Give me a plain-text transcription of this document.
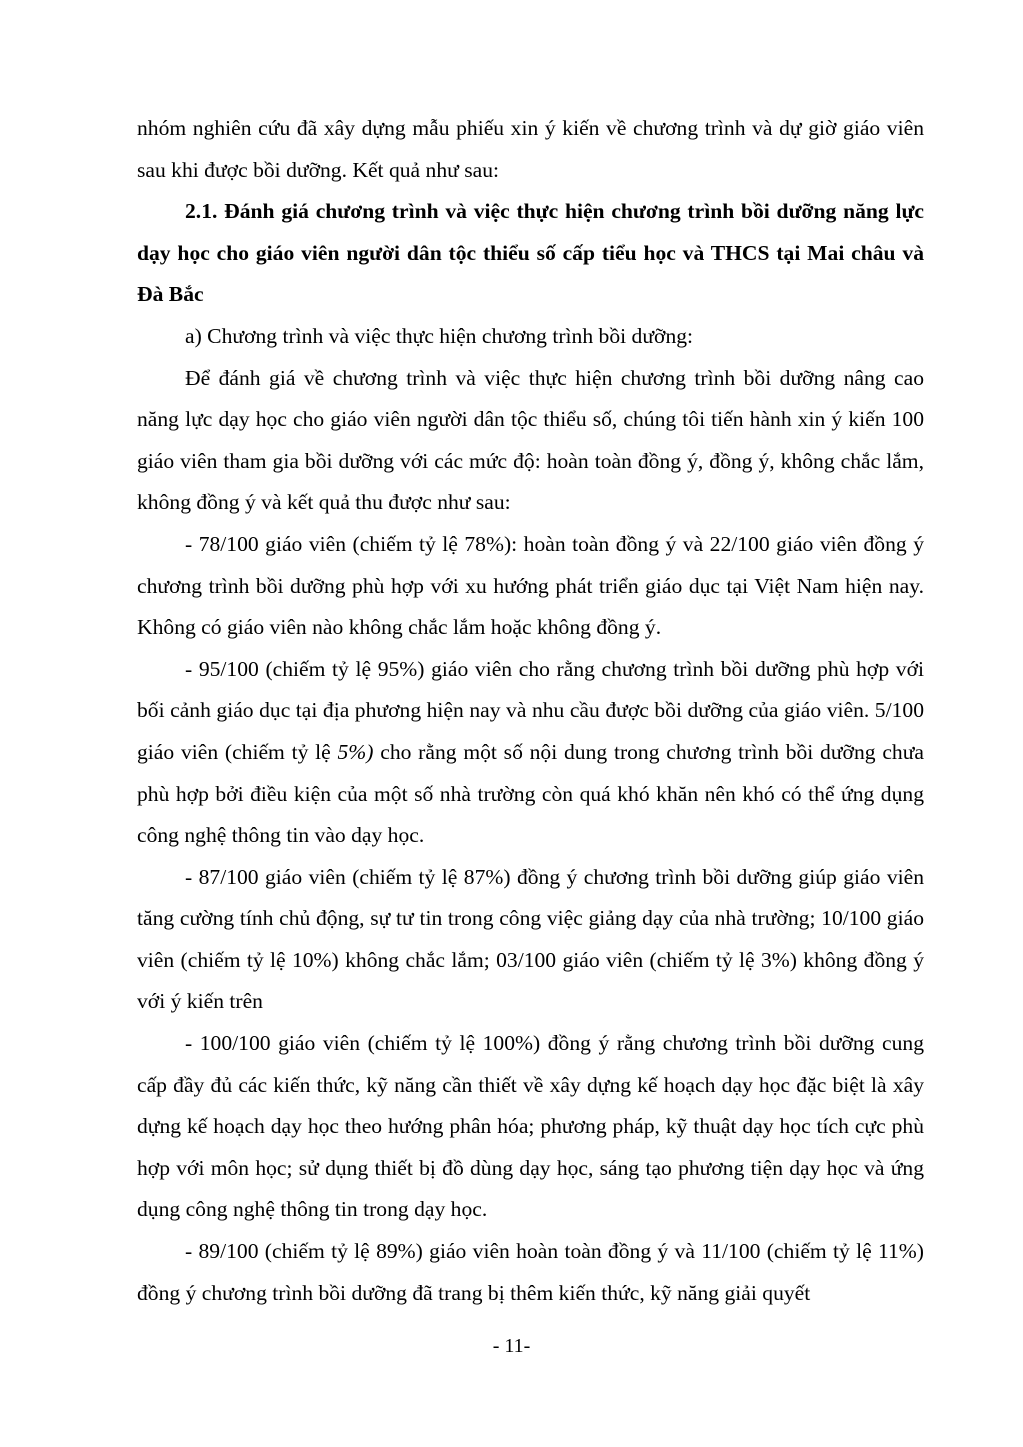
nhóm nghiên cứu đã xây dựng mẫu phiếu xin ý kiến về chương trình và dự giờ giáo viên sau khi được bồi dưỡng. Kết quả như sau:

2.1. Đánh giá chương trình và việc thực hiện chương trình bồi dưỡng năng lực dạy học cho giáo viên người dân tộc thiểu số cấp tiểu học và THCS tại Mai châu và Đà Bắc

a) Chương trình và việc thực hiện chương trình bồi dưỡng:

Để đánh giá về chương trình và việc thực hiện chương trình bồi dưỡng nâng cao năng lực dạy học cho giáo viên người dân tộc thiểu số, chúng tôi tiến hành xin ý kiến 100 giáo viên tham gia bồi dưỡng với các mức độ: hoàn toàn đồng ý, đồng ý, không chắc lắm, không đồng ý và kết quả thu được như sau:

- 78/100 giáo viên (chiếm tỷ lệ 78%): hoàn toàn đồng ý và 22/100 giáo viên đồng ý chương trình bồi dưỡng phù hợp với xu hướng phát triển giáo dục tại Việt Nam hiện nay. Không có giáo viên nào không chắc lắm hoặc không đồng ý.

- 95/100 (chiếm tỷ lệ 95%) giáo viên cho rằng chương trình bồi dưỡng phù hợp với bối cảnh giáo dục tại địa phương hiện nay và nhu cầu được bồi dưỡng của giáo viên. 5/100 giáo viên (chiếm tỷ lệ 5%) cho rằng một số nội dung trong chương trình bồi dưỡng chưa phù hợp bởi điều kiện của một số nhà trường còn quá khó khăn nên khó có thể ứng dụng công nghệ thông tin vào dạy học.

- 87/100 giáo viên (chiếm tỷ lệ 87%) đồng ý chương trình bồi dưỡng giúp giáo viên tăng cường tính chủ động, sự tư tin trong công việc giảng dạy của nhà trường; 10/100 giáo viên (chiếm tỷ lệ 10%) không chắc lắm; 03/100 giáo viên (chiếm tỷ lệ 3%) không đồng ý với ý kiến trên

- 100/100 giáo viên (chiếm tỷ lệ 100%) đồng ý rằng chương trình bồi dưỡng cung cấp đầy đủ các kiến thức, kỹ năng cần thiết về xây dựng kế hoạch dạy học đặc biệt là xây dựng kế hoạch dạy học theo hướng phân hóa; phương pháp, kỹ thuật dạy học tích cực phù hợp với môn học; sử dụng thiết bị đồ dùng dạy học, sáng tạo phương tiện dạy học và ứng dụng công nghệ thông tin trong dạy học.

- 89/100 (chiếm tỷ lệ 89%) giáo viên hoàn toàn đồng ý và 11/100 (chiếm tỷ lệ 11%) đồng ý chương trình bồi dưỡng đã trang bị thêm kiến thức, kỹ năng giải quyết

- 11-
